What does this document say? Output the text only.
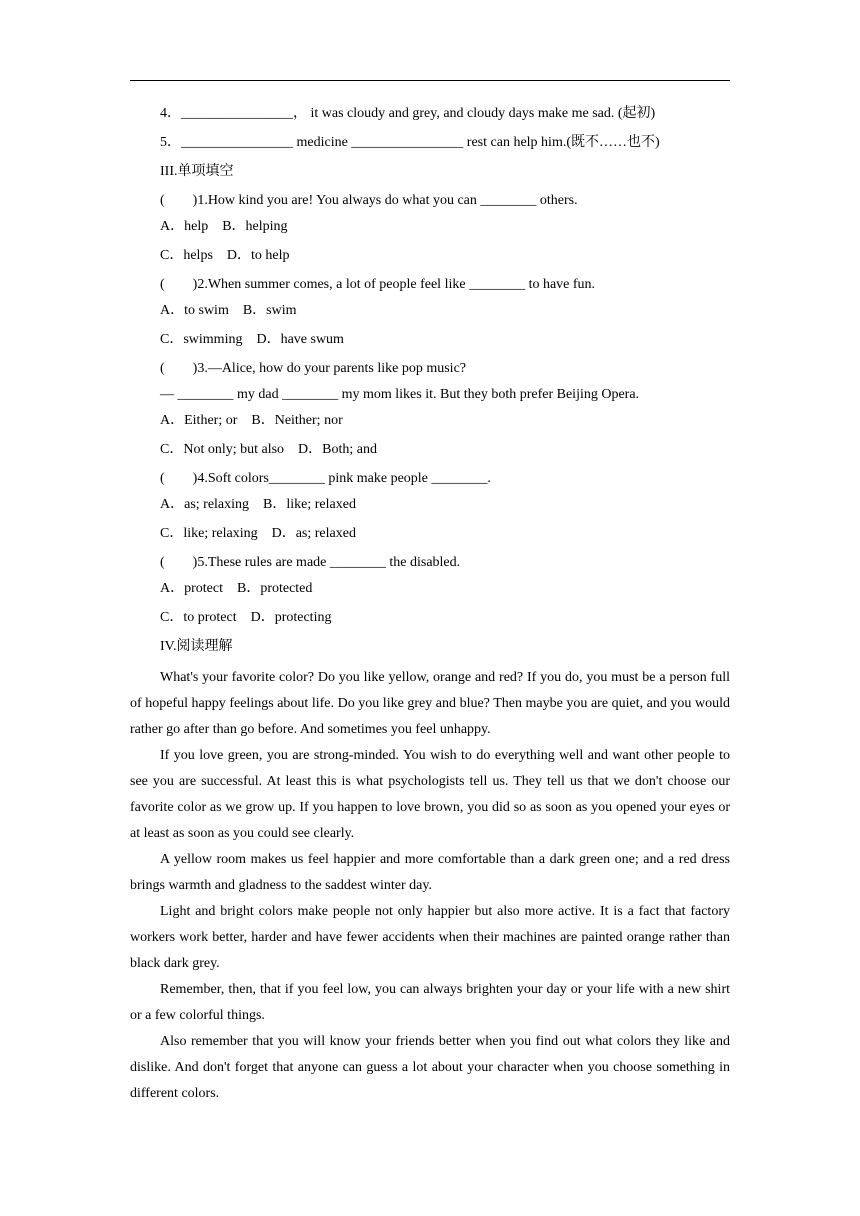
4．________________， it was cloudy and grey, and cloudy days make me sad. (起初)
5．________________ medicine ________________ rest can help him.(既不……也不)
III.单项填空
(        )1.How kind you are! You always do what you can ________ others.
A．help    B．helping
C．helps    D．to help
(        )2.When summer comes, a lot of people feel like ________ to have fun.
A．to swim    B．swim
C．swimming    D．have swum
(        )3.—Alice, how do your parents like pop music?
— ________ my dad ________ my mom likes it. But they both prefer Beijing Opera.
A．Either; or    B．Neither; nor
C．Not only; but also    D．Both; and
(        )4.Soft colors________ pink make people ________.
A．as; relaxing    B．like; relaxed
C．like; relaxing    D．as; relaxed
(        )5.These rules are made ________ the disabled.
A．protect    B．protected
C．to protect    D．protecting
IV.阅读理解

What's your favorite color? Do you like yellow, orange and red? If you do, you must be a person full of hopeful happy feelings about life. Do you like grey and blue? Then maybe you are quiet, and you would rather go after than go before. And sometimes you feel unhappy.

If you love green, you are strong-minded. You wish to do everything well and want other people to see you are successful. At least this is what psychologists tell us. They tell us that we don't choose our favorite color as we grow up. If you happen to love brown, you did so as soon as you opened your eyes or at least as soon as you could see clearly.

A yellow room makes us feel happier and more comfortable than a dark green one; and a red dress brings warmth and gladness to the saddest winter day.

Light and bright colors make people not only happier but also more active. It is a fact that factory workers work better, harder and have fewer accidents when their machines are painted orange rather than black dark grey.

Remember, then, that if you feel low, you can always brighten your day or your life with a new shirt or a few colorful things.

Also remember that you will know your friends better when you find out what colors they like and dislike. And don't forget that anyone can guess a lot about your character when you choose something in different colors.
